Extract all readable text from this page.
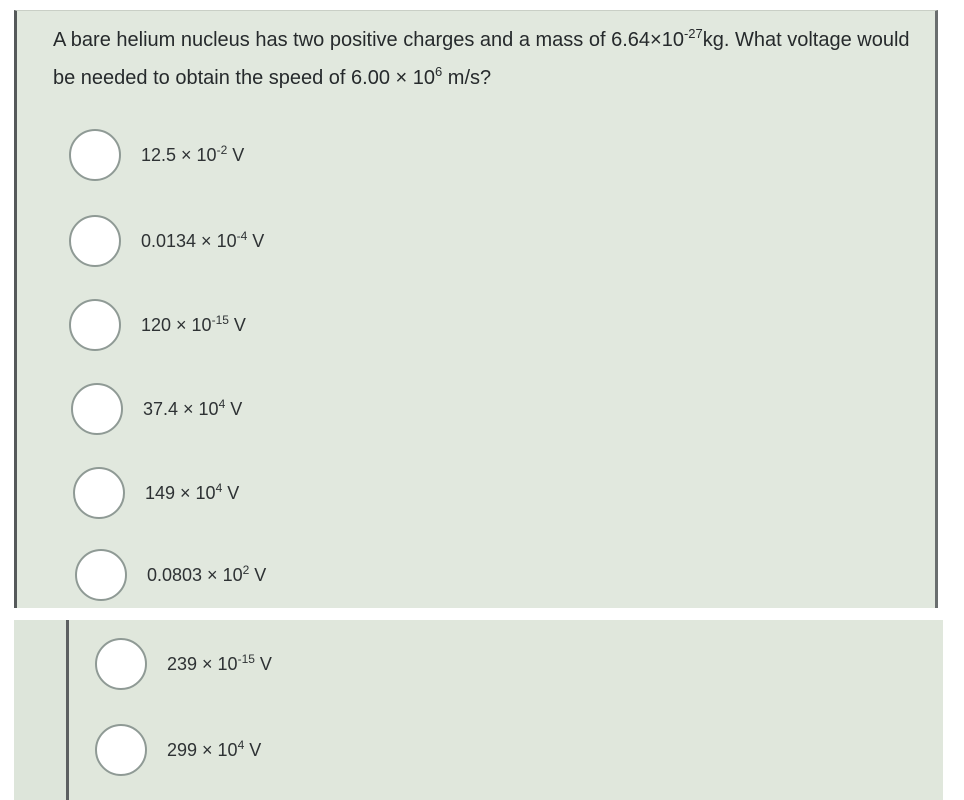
A bare helium nucleus has two positive charges and a mass of $6.64\times 10^{-27}kg$. What voltage would be needed to obtain the speed of $6.00 \times 10^6$ m/s?

$12.5 \times 10^{-2}$ V
$0.0134 \times 10^{-4}$ V
$120 \times 10^{-15}$ V
$37.4 \times 10^4$ V
$149 \times 10^4$ V
$0.0803 \times 10^2$ V
$239 \times 10^{-15}$ V
$299 \times 10^4$ V
